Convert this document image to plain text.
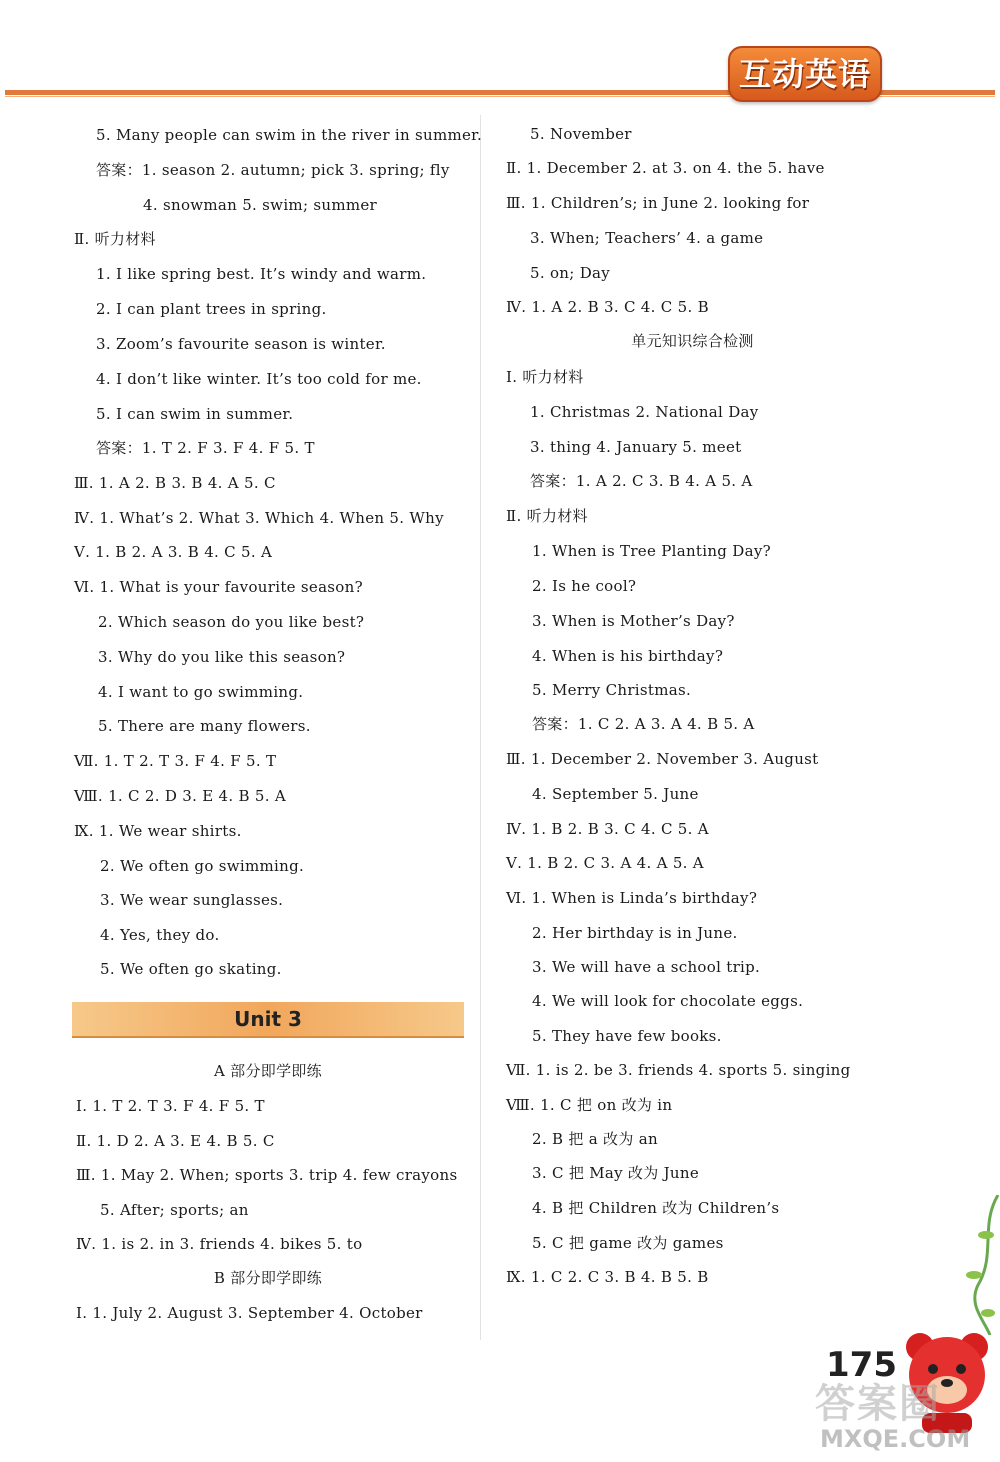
互动英语
5. Many people can swim in the river in summer.
答案：1. season 2. autumn; pick 3. spring; fly
4. snowman 5. swim; summer
Ⅱ. 听力材料
1. I like spring best. It’s windy and warm.
2. I can plant trees in spring.
3. Zoom’s favourite season is winter.
4. I don’t like winter. It’s too cold for me.
5. I can swim in summer.
答案：1. T 2. F 3. F 4. F 5. T
Ⅲ. 1. A 2. B 3. B 4. A 5. C
Ⅳ. 1. What’s 2. What 3. Which 4. When 5. Why
Ⅴ. 1. B 2. A 3. B 4. C 5. A
Ⅵ. 1. What is your favourite season?
2. Which season do you like best?
3. Why do you like this season?
4. I want to go swimming.
5. There are many flowers.
Ⅶ. 1. T 2. T 3. F 4. F 5. T
Ⅷ. 1. C 2. D 3. E 4. B 5. A
Ⅸ. 1. We wear shirts.
2. We often go swimming.
3. We wear sunglasses.
4. Yes, they do.
5. We often go skating.
Unit 3
A 部分即学即练
Ⅰ. 1. T 2. T 3. F 4. F 5. T
Ⅱ. 1. D 2. A 3. E 4. B 5. C
Ⅲ. 1. May 2. When; sports 3. trip 4. few crayons
5. After; sports; an
Ⅳ. 1. is 2. in 3. friends 4. bikes 5. to
B 部分即学即练
Ⅰ. 1. July 2. August 3. September 4. October
5. November
Ⅱ. 1. December 2. at 3. on 4. the 5. have
Ⅲ. 1. Children’s; in June 2. looking for
3. When; Teachers’ 4. a game
5. on; Day
Ⅳ. 1. A 2. B 3. C 4. C 5. B
单元知识综合检测
Ⅰ. 听力材料
1. Christmas 2. National Day
3. thing 4. January 5. meet
答案：1. A 2. C 3. B 4. A 5. A
Ⅱ. 听力材料
1. When is Tree Planting Day?
2. Is he cool?
3. When is Mother’s Day?
4. When is his birthday?
5. Merry Christmas.
答案：1. C 2. A 3. A 4. B 5. A
Ⅲ. 1. December 2. November 3. August
4. September 5. June
Ⅳ. 1. B 2. B 3. C 4. C 5. A
Ⅴ. 1. B 2. C 3. A 4. A 5. A
Ⅵ. 1. When is Linda’s birthday?
2. Her birthday is in June.
3. We will have a school trip.
4. We will look for chocolate eggs.
5. They have few books.
Ⅶ. 1. is 2. be 3. friends 4. sports 5. singing
Ⅷ. 1. C 把 on 改为 in
2. B 把 a 改为 an
3. C 把 May 改为 June
4. B 把 Children 改为 Children’s
5. C 把 game 改为 games
Ⅸ. 1. C 2. C 3. B 4. B 5. B
175
答案圈
MXQE.COM
